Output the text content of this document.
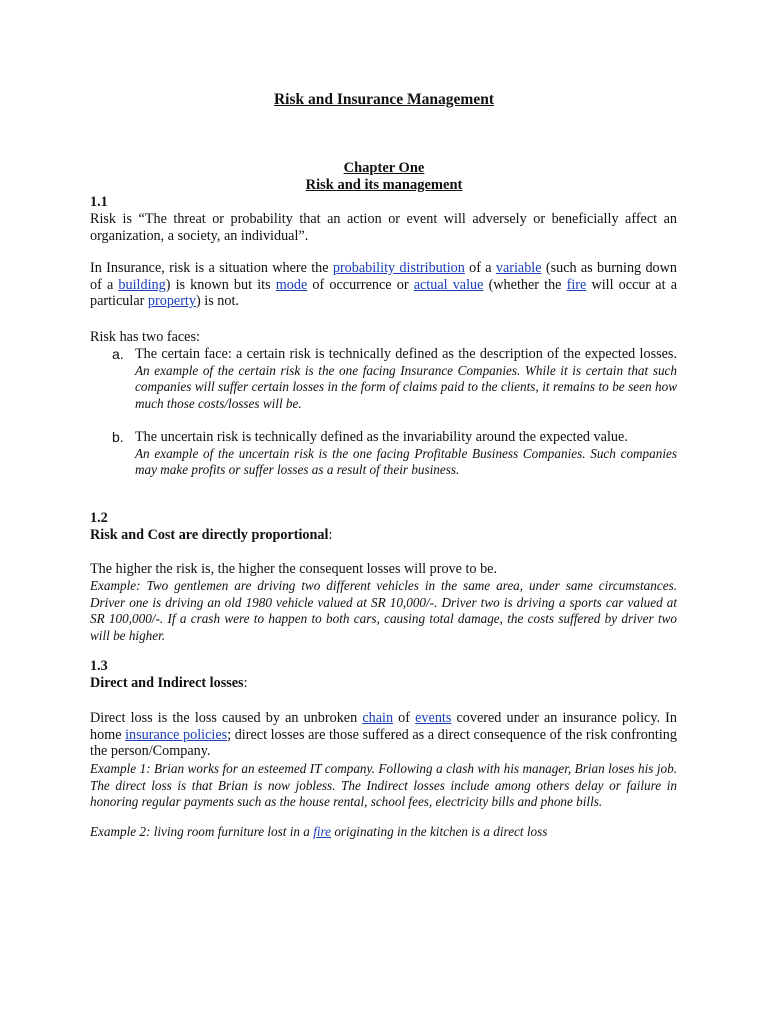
Risk and Insurance Management
Chapter One
Risk and its management
1.1
Risk is “The threat or probability that an action or event will adversely or beneficially affect an organization, a society, an individual”.
In Insurance, risk is a situation where the probability distribution of a variable (such as burning down of a building) is known but its mode of occurrence or actual value (whether the fire will occur at a particular property) is not.
Risk has two faces:
a. The certain face: a certain risk is technically defined as the description of the expected losses. An example of the certain risk is the one facing Insurance Companies. While it is certain that such companies will suffer certain losses in the form of claims paid to the clients, it remains to be seen how much those costs/losses will be.
b. The uncertain risk is technically defined as the invariability around the expected value.
An example of the uncertain risk is the one facing Profitable Business Companies. Such companies may make profits or suffer losses as a result of their business.
1.2
Risk and Cost are directly proportional:
The higher the risk is, the higher the consequent losses will prove to be.
Example: Two gentlemen are driving two different vehicles in the same area, under same circumstances. Driver one is driving an old 1980 vehicle valued at SR 10,000/-. Driver two is driving a sports car valued at SR 100,000/-. If a crash were to happen to both cars, causing total damage, the costs suffered by driver two will be higher.
1.3
Direct and Indirect losses:
Direct loss is the loss caused by an unbroken chain of events covered under an insurance policy. In home insurance policies; direct losses are those suffered as a direct consequence of the risk confronting the person/Company.
Example 1: Brian works for an esteemed IT company. Following a clash with his manager, Brian loses his job. The direct loss is that Brian is now jobless. The Indirect losses include among others delay or failure in honoring regular payments such as the house rental, school fees, electricity bills and phone bills.
Example 2: living room furniture lost in a fire originating in the kitchen is a direct loss
